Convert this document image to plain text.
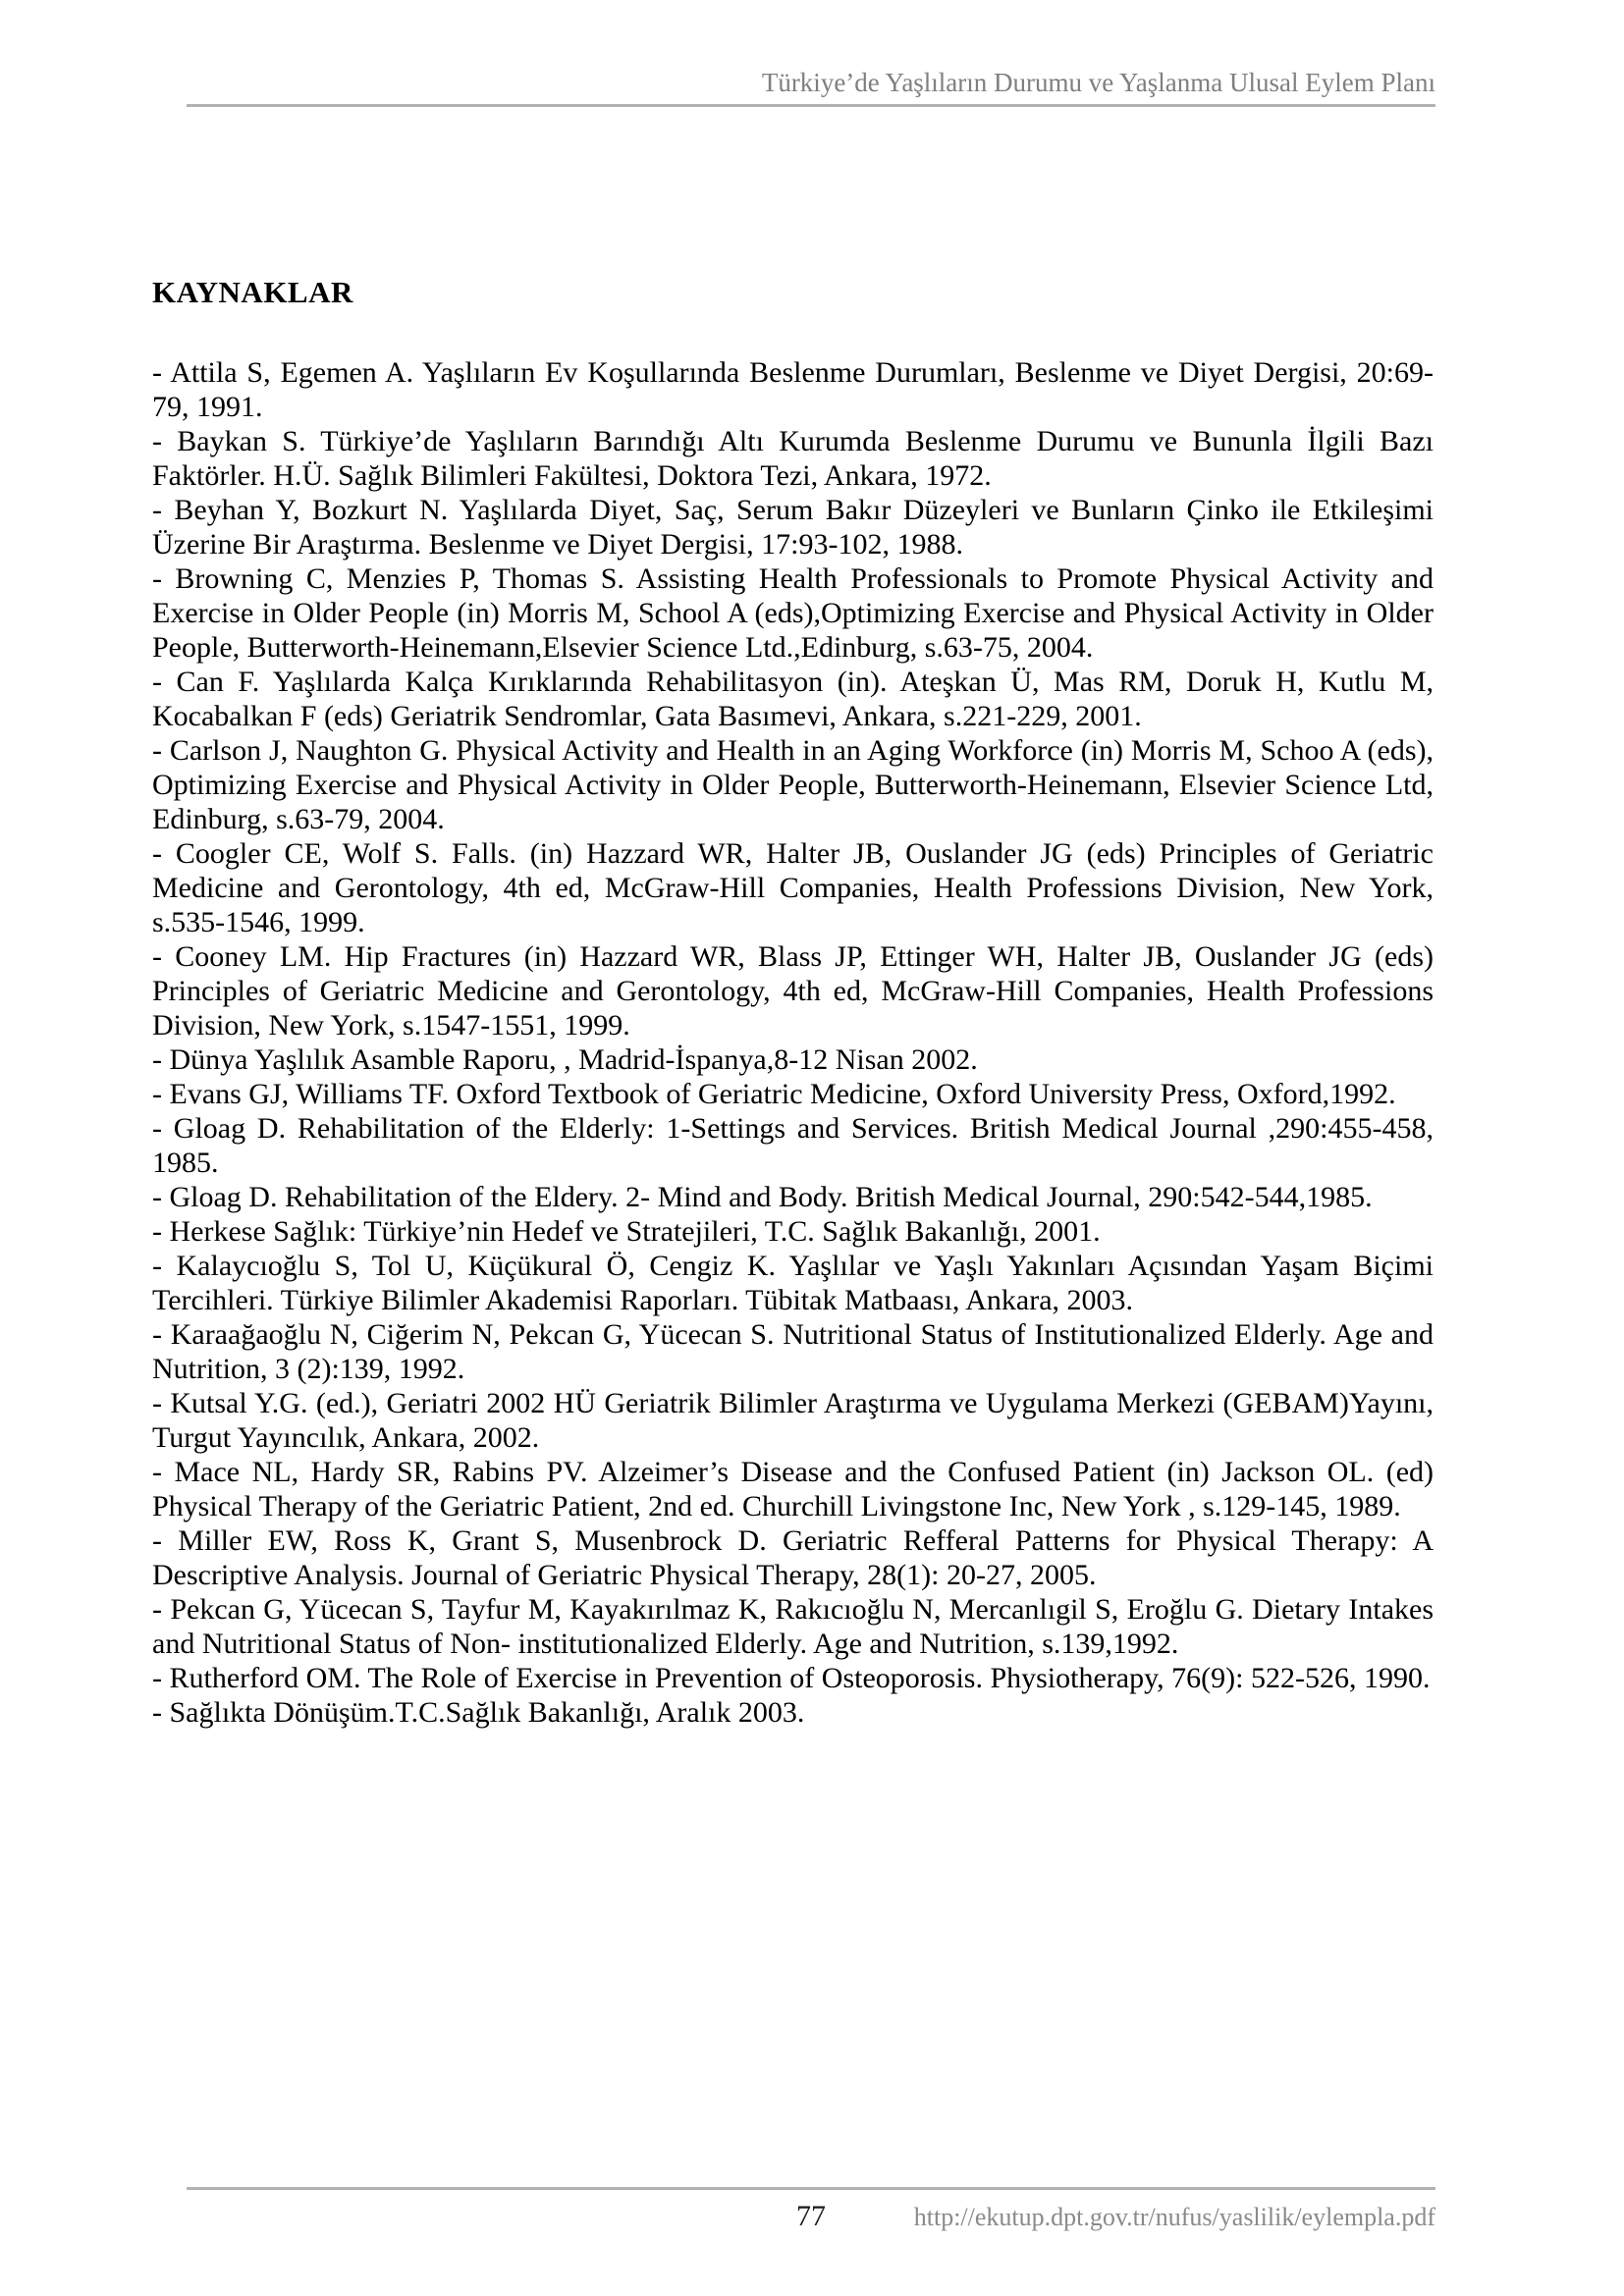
Türkiye’de Yaşlıların Durumu ve Yaşlanma Ulusal Eylem Planı
KAYNAKLAR

- Attila S, Egemen A. Yaşlıların Ev Koşullarında Beslenme Durumları, Beslenme ve Diyet Dergisi, 20:69-79, 1991.

- Baykan S. Türkiye’de Yaşlıların Barındığı Altı Kurumda Beslenme Durumu ve Bununla İlgili Bazı Faktörler. H.Ü. Sağlık Bilimleri Fakültesi, Doktora Tezi, Ankara, 1972.

- Beyhan Y, Bozkurt N. Yaşlılarda Diyet, Saç, Serum Bakır Düzeyleri ve Bunların Çinko ile Etkileşimi Üzerine Bir Araştırma. Beslenme ve Diyet Dergisi, 17:93-102, 1988.

- Browning C, Menzies P, Thomas S. Assisting Health Professionals to Promote Physical Activity and Exercise in Older People (in) Morris M, School A (eds),Optimizing Exercise and Physical Activity in Older People, Butterworth-Heinemann,Elsevier Science Ltd.,Edinburg, s.63-75, 2004.

- Can F. Yaşlılarda Kalça Kırıklarında Rehabilitasyon (in). Ateşkan Ü, Mas RM, Doruk H, Kutlu M, Kocabalkan F (eds) Geriatrik Sendromlar, Gata Basımevi, Ankara, s.221-229, 2001.

- Carlson J, Naughton G. Physical Activity and Health in an Aging Workforce (in) Morris M, Schoo A (eds), Optimizing Exercise and Physical Activity in Older People, Butterworth-Heinemann, Elsevier Science Ltd, Edinburg, s.63-79, 2004.

- Coogler CE, Wolf S. Falls. (in) Hazzard WR, Halter JB, Ouslander JG (eds) Principles of Geriatric Medicine and Gerontology, 4th ed, McGraw-Hill Companies, Health Professions Division, New York, s.535-1546, 1999.

- Cooney LM. Hip Fractures (in) Hazzard WR, Blass JP, Ettinger WH, Halter JB, Ouslander JG (eds) Principles of Geriatric Medicine and Gerontology, 4th ed, McGraw-Hill Companies, Health Professions Division, New York, s.1547-1551, 1999.

- Dünya Yaşlılık Asamble Raporu, , Madrid-İspanya,8-12 Nisan 2002.

- Evans GJ, Williams TF. Oxford Textbook of Geriatric Medicine, Oxford University Press, Oxford,1992.

- Gloag D. Rehabilitation of the Elderly: 1-Settings and Services. British Medical Journal ,290:455-458, 1985.

- Gloag D. Rehabilitation of the Eldery. 2- Mind and Body. British Medical Journal, 290:542-544,1985.

- Herkese Sağlık: Türkiye’nin Hedef ve Stratejileri, T.C. Sağlık Bakanlığı, 2001.

- Kalaycıoğlu S, Tol U, Küçükural Ö, Cengiz K. Yaşlılar ve Yaşlı Yakınları Açısından Yaşam Biçimi Tercihleri. Türkiye Bilimler Akademisi Raporları. Tübitak Matbaası, Ankara, 2003.

- Karaağaoğlu N, Ciğerim N, Pekcan G, Yücecan S. Nutritional Status of Institutionalized Elderly. Age and Nutrition, 3 (2):139, 1992.

- Kutsal Y.G. (ed.), Geriatri 2002 HÜ Geriatrik Bilimler Araştırma ve Uygulama Merkezi (GEBAM)Yayını, Turgut Yayıncılık, Ankara, 2002.

- Mace NL, Hardy SR, Rabins PV. Alzeimer’s Disease and the Confused Patient (in) Jackson OL. (ed) Physical Therapy of the Geriatric Patient, 2nd ed. Churchill Livingstone Inc, New York , s.129-145, 1989.

- Miller EW, Ross K, Grant S, Musenbrock D. Geriatric Refferal Patterns for Physical Therapy: A Descriptive Analysis. Journal of Geriatric Physical Therapy, 28(1): 20-27, 2005.

- Pekcan G, Yücecan S, Tayfur M, Kayakırılmaz K, Rakıcıoğlu N, Mercanlıgil S, Eroğlu G. Dietary Intakes and Nutritional Status of Non- institutionalized Elderly. Age and Nutrition, s.139,1992.

- Rutherford OM. The Role of Exercise in Prevention of Osteoporosis. Physiotherapy, 76(9): 522-526, 1990.

- Sağlıkta Dönüşüm.T.C.Sağlık Bakanlığı, Aralık 2003.

77	http://ekutup.dpt.gov.tr/nufus/yaslilik/eylempla.pdf
